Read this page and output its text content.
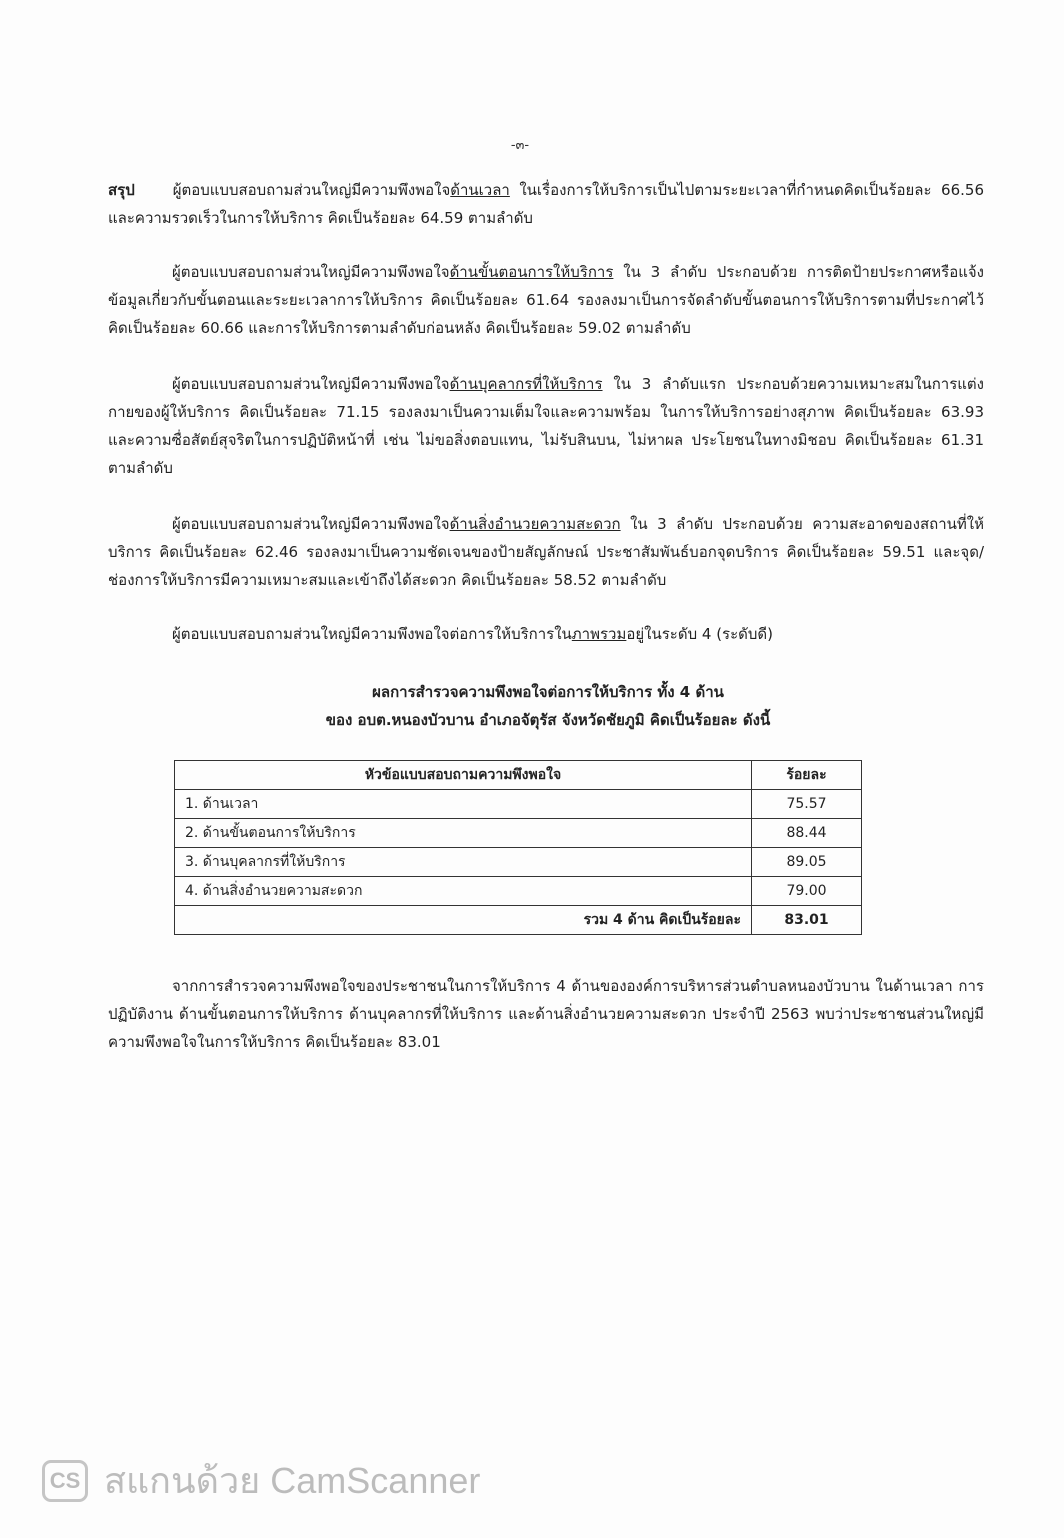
-๓-
สรุป	ผู้ตอบแบบสอบถามส่วนใหญ่มีความพึงพอใจด้านเวลา ในเรื่องการให้บริการเป็นไปตามระยะเวลาที่กำหนดคิดเป็นร้อยละ 66.56 และความรวดเร็วในการให้บริการ คิดเป็นร้อยละ 64.59 ตามลำดับ
ผู้ตอบแบบสอบถามส่วนใหญ่มีความพึงพอใจด้านขั้นตอนการให้บริการ ใน 3 ลำดับ ประกอบด้วย การติดป้ายประกาศหรือแจ้งข้อมูลเกี่ยวกับขั้นตอนและระยะเวลาการให้บริการ คิดเป็นร้อยละ 61.64 รองลงมาเป็นการจัดลำดับขั้นตอนการให้บริการตามที่ประกาศไว้ คิดเป็นร้อยละ 60.66 และการให้บริการตามลำดับก่อนหลัง คิดเป็นร้อยละ 59.02 ตามลำดับ
ผู้ตอบแบบสอบถามส่วนใหญ่มีความพึงพอใจด้านบุคลากรที่ให้บริการ ใน 3 ลำดับแรก ประกอบด้วยความเหมาะสมในการแต่งกายของผู้ให้บริการ คิดเป็นร้อยละ 71.15 รองลงมาเป็นความเต็มใจและความพร้อม ในการให้บริการอย่างสุภาพ คิดเป็นร้อยละ 63.93 และความซื่อสัตย์สุจริตในการปฏิบัติหน้าที่ เช่น ไม่ขอสิ่งตอบแทน, ไม่รับสินบน, ไม่หาผล ประโยชนในทางมิชอบ คิดเป็นร้อยละ 61.31 ตามลำดับ
ผู้ตอบแบบสอบถามส่วนใหญ่มีความพึงพอใจด้านสิ่งอำนวยความสะดวก ใน 3 ลำดับ ประกอบด้วย ความสะอาดของสถานที่ให้บริการ คิดเป็นร้อยละ 62.46 รองลงมาเป็นความชัดเจนของป้ายสัญลักษณ์ ประชาสัมพันธ์บอกจุดบริการ คิดเป็นร้อยละ 59.51 และจุด/ช่องการให้บริการมีความเหมาะสมและเข้าถึงได้สะดวก คิดเป็นร้อยละ 58.52 ตามลำดับ
ผู้ตอบแบบสอบถามส่วนใหญ่มีความพึงพอใจต่อการให้บริการในภาพรวมอยู่ในระดับ 4 (ระดับดี)
ผลการสำรวจความพึงพอใจต่อการให้บริการ ทั้ง 4 ด้าน
ของ อบต.หนองบัวบาน อำเภอจัตุรัส จังหวัดชัยภูมิ คิดเป็นร้อยละ ดังนี้
หัวข้อแบบสอบถามความพึงพอใจ	ร้อยละ
1. ด้านเวลา	75.57
2. ด้านขั้นตอนการให้บริการ	88.44
3. ด้านบุคลากรที่ให้บริการ	89.05
4. ด้านสิ่งอำนวยความสะดวก	79.00
รวม 4 ด้าน คิดเป็นร้อยละ	83.01
จากการสำรวจความพึงพอใจของประชาชนในการให้บริการ 4 ด้านขององค์การบริหารส่วนตำบลหนองบัวบาน ในด้านเวลา การปฏิบัติงาน ด้านขั้นตอนการให้บริการ ด้านบุคลากรที่ให้บริการ และด้านสิ่งอำนวยความสะดวก ประจำปี 2563 พบว่าประชาชนส่วนใหญ่มีความพึงพอใจในการให้บริการ คิดเป็นร้อยละ 83.01
CS สแกนด้วย CamScanner
